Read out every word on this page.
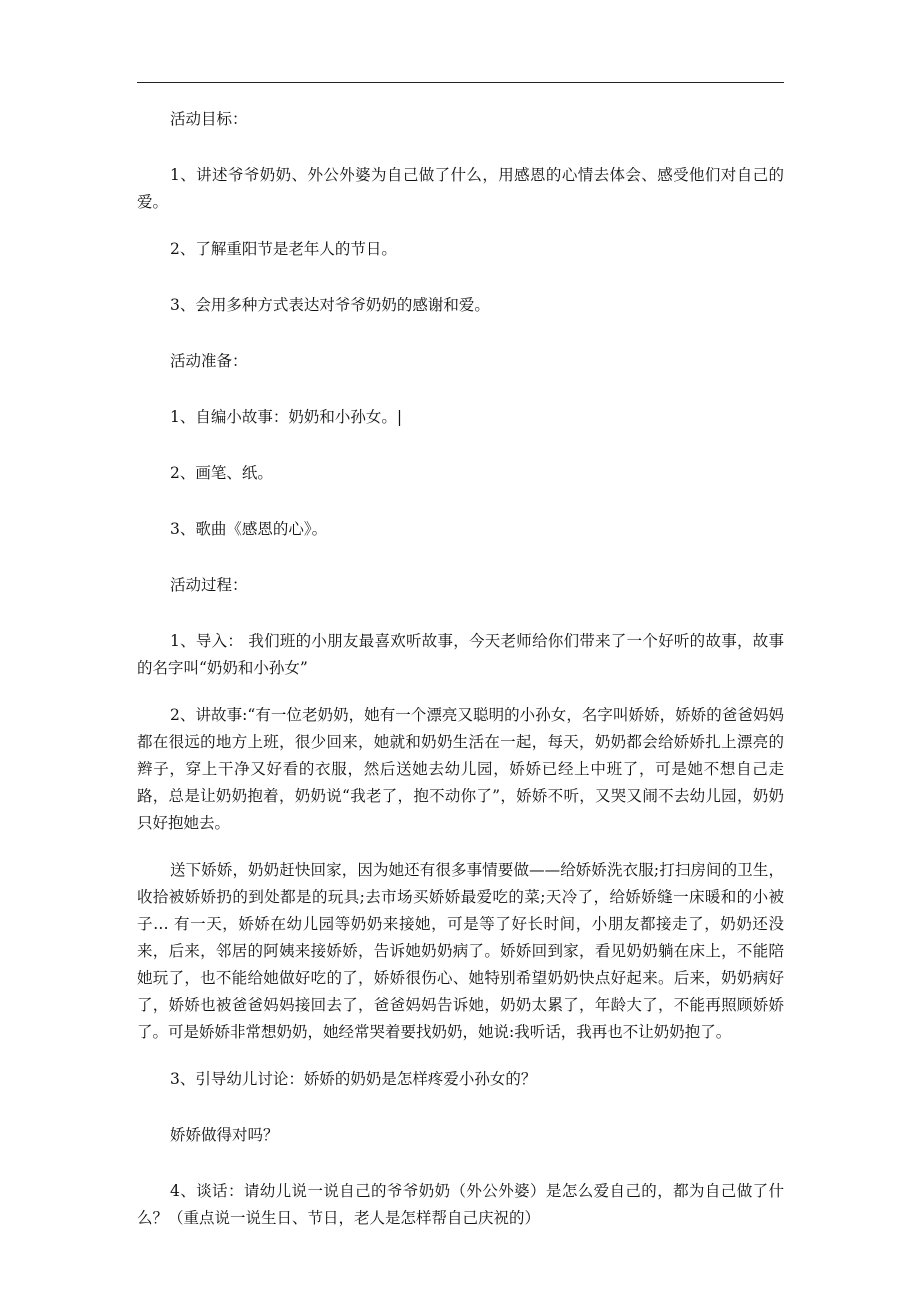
活动目标：

1、讲述爷爷奶奶、外公外婆为自己做了什么，用感恩的心情去体会、感受他们对自己的爱。

2、了解重阳节是老年人的节日。

3、会用多种方式表达对爷爷奶奶的感谢和爱。

活动准备：

1、自编小故事：奶奶和小孙女。|

2、画笔、纸。

3、歌曲《感恩的心》。

活动过程：

1、导入： 我们班的小朋友最喜欢听故事，今天老师给你们带来了一个好听的故事，故事的名字叫“奶奶和小孙女”

2、讲故事:“有一位老奶奶，她有一个漂亮又聪明的小孙女，名字叫娇娇，娇娇的爸爸妈妈都在很远的地方上班，很少回来，她就和奶奶生活在一起，每天，奶奶都会给娇娇扎上漂亮的辫子，穿上干净又好看的衣服，然后送她去幼儿园，娇娇已经上中班了，可是她不想自己走路，总是让奶奶抱着，奶奶说“我老了，抱不动你了”，娇娇不听，又哭又闹不去幼儿园，奶奶只好抱她去。

送下娇娇，奶奶赶快回家，因为她还有很多事情要做——给娇娇洗衣服;打扫房间的卫生，收拾被娇娇扔的到处都是的玩具;去市场买娇娇最爱吃的菜;天冷了，给娇娇缝一床暖和的小被子… 有一天，娇娇在幼儿园等奶奶来接她，可是等了好长时间，小朋友都接走了，奶奶还没来，后来，邻居的阿姨来接娇娇，告诉她奶奶病了。娇娇回到家，看见奶奶躺在床上，不能陪她玩了，也不能给她做好吃的了，娇娇很伤心、她特别希望奶奶快点好起来。后来，奶奶病好了，娇娇也被爸爸妈妈接回去了，爸爸妈妈告诉她，奶奶太累了，年龄大了，不能再照顾娇娇了。可是娇娇非常想奶奶，她经常哭着要找奶奶，她说:我听话，我再也不让奶奶抱了。

3、引导幼儿讨论：娇娇的奶奶是怎样疼爱小孙女的？

娇娇做得对吗？

4、谈话：请幼儿说一说自己的爷爷奶奶（外公外婆）是怎么爱自己的，都为自己做了什么？（重点说一说生日、节日，老人是怎样帮自己庆祝的）
